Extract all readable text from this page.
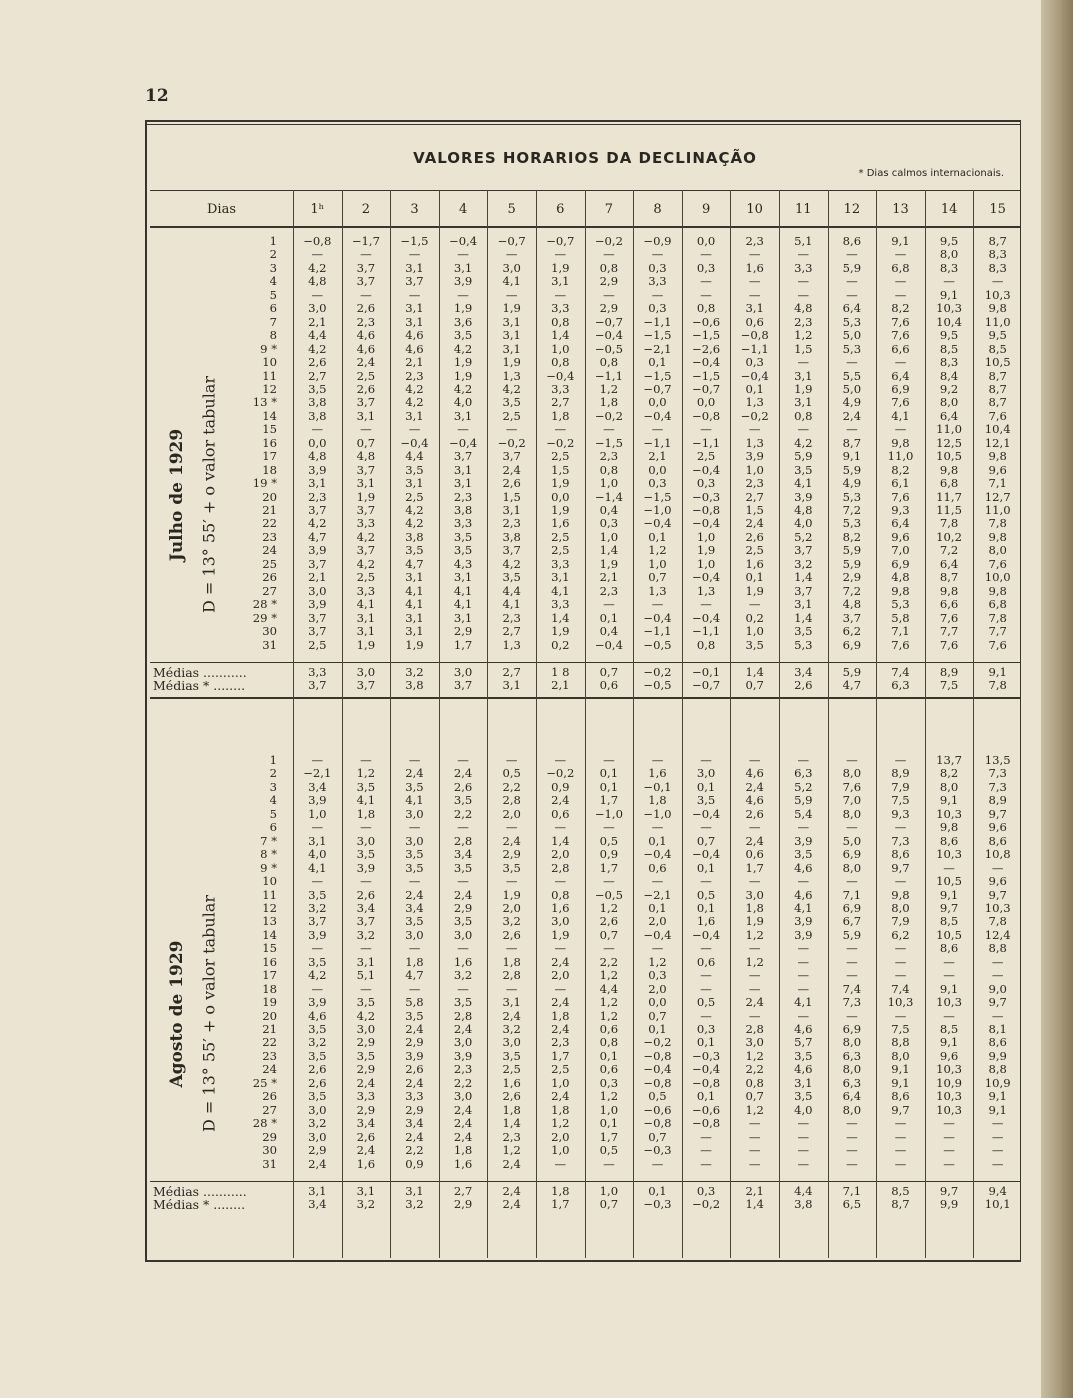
12
VALORES HORARIOS DA DECLINAÇÃO
* Dias calmos internacionais.
Dias	1ʰ	2	3	4	5	6	7	8	9	10	11	12	13	14	15
Julho de 1929 D = 13° 55′ + o valor tabular
1	−0,8	−1,7	−1,5	−0,4	−0,7	−0,7	−0,2	−0,9	0,0	2,3	5,1	8,6	9,1	9,5	8,7
2	—	—	—	—	—	—	—	—	—	—	—	—	—	8,0	8,3
3	4,2	3,7	3,1	3,1	3,0	1,9	0,8	0,3	0,3	1,6	3,3	5,9	6,8	8,3	8,3
4	4,8	3,7	3,7	3,9	4,1	3,1	2,9	3,3	—	—	—	—	—	—	—
5	—	—	—	—	—	—	—	—	—	—	—	—	—	9,1	10,3
6	3,0	2,6	3,1	1,9	1,9	3,3	2,9	0,3	0,8	3,1	4,8	6,4	8,2	10,3	9,8
7	2,1	2,3	3,1	3,6	3,1	0,8	−0,7	−1,1	−0,6	0,6	2,3	5,3	7,6	10,4	11,0
8	4,4	4,6	4,6	3,5	3,1	1,4	−0,4	−1,5	−1,5	−0,8	1,2	5,0	7,6	9,5	9,5
9 *	4,2	4,6	4,6	4,2	3,1	1,0	−0,5	−2,1	−2,6	−1,1	1,5	5,3	6,6	8,5	8,5
10	2,6	2,4	2,1	1,9	1,9	0,8	0,8	0,1	−0,4	0,3	—	—	—	8,3	10,5
11	2,7	2,5	2,3	1,9	1,3	−0,4	−1,1	−1,5	−1,5	−0,4	3,1	5,5	6,4	8,4	8,7
12	3,5	2,6	4,2	4,2	4,2	3,3	1,2	−0,7	−0,7	0,1	1,9	5,0	6,9	9,2	8,7
13 *	3,8	3,7	4,2	4,0	3,5	2,7	1,8	0,0	0,0	1,3	3,1	4,9	7,6	8,0	8,7
14	3,8	3,1	3,1	3,1	2,5	1,8	−0,2	−0,4	−0,8	−0,2	0,8	2,4	4,1	6,4	7,6
15	—	—	—	—	—	—	—	—	—	—	—	—	—	11,0	10,4
16	0,0	0,7	−0,4	−0,4	−0,2	−0,2	−1,5	−1,1	−1,1	1,3	4,2	8,7	9,8	12,5	12,1
17	4,8	4,8	4,4	3,7	3,7	2,5	2,3	2,1	2,5	3,9	5,9	9,1	11,0	10,5	9,8
18	3,9	3,7	3,5	3,1	2,4	1,5	0,8	0,0	−0,4	1,0	3,5	5,9	8,2	9,8	9,6
19 *	3,1	3,1	3,1	3,1	2,6	1,9	1,0	0,3	0,3	2,3	4,1	4,9	6,1	6,8	7,1
20	2,3	1,9	2,5	2,3	1,5	0,0	−1,4	−1,5	−0,3	2,7	3,9	5,3	7,6	11,7	12,7
21	3,7	3,7	4,2	3,8	3,1	1,9	0,4	−1,0	−0,8	1,5	4,8	7,2	9,3	11,5	11,0
22	4,2	3,3	4,2	3,3	2,3	1,6	0,3	−0,4	−0,4	2,4	4,0	5,3	6,4	7,8	7,8
23	4,7	4,2	3,8	3,5	3,8	2,5	1,0	0,1	1,0	2,6	5,2	8,2	9,6	10,2	9,8
24	3,9	3,7	3,5	3,5	3,7	2,5	1,4	1,2	1,9	2,5	3,7	5,9	7,0	7,2	8,0
25	3,7	4,2	4,7	4,3	4,2	3,3	1,9	1,0	1,0	1,6	3,2	5,9	6,9	6,4	7,6
26	2,1	2,5	3,1	3,1	3,5	3,1	2,1	0,7	−0,4	0,1	1,4	2,9	4,8	8,7	10,0
27	3,0	3,3	4,1	4,1	4,4	4,1	2,3	1,3	1,3	1,9	3,7	7,2	9,8	9,8	9,8
28 *	3,9	4,1	4,1	4,1	4,1	3,3	—	—	—	—	3,1	4,8	5,3	6,6	6,8
29 *	3,7	3,1	3,1	3,1	2,3	1,4	0,1	−0,4	−0,4	0,2	1,4	3,7	5,8	7,6	7,8
30	3,7	3,1	3,1	2,9	2,7	1,9	0,4	−1,1	−1,1	1,0	3,5	6,2	7,1	7,7	7,7
31	2,5	1,9	1,9	1,7	1,3	0,2	−0,4	−0,5	0,8	3,5	5,3	6,9	7,6	7,6	7,6
Médias ...........	3,3	3,0	3,2	3,0	2,7	1 8	0,7	−0,2	−0,1	1,4	3,4	5,9	7,4	8,9	9,1
Médias * ........	3,7	3,7	3,8	3,7	3,1	2,1	0,6	−0,5	−0,7	0,7	2,6	4,7	6,3	7,5	7,8
Agosto de 1929 D = 13° 55′ + o valor tabular
1	—	—	—	—	—	—	—	—	—	—	—	—	—	13,7	13,5
2	−2,1	1,2	2,4	2,4	0,5	−0,2	0,1	1,6	3,0	4,6	6,3	8,0	8,9	8,2	7,3
3	3,4	3,5	3,5	2,6	2,2	0,9	0,1	−0,1	0,1	2,4	5,2	7,6	7,9	8,0	7,3
4	3,9	4,1	4,1	3,5	2,8	2,4	1,7	1,8	3,5	4,6	5,9	7,0	7,5	9,1	8,9
5	1,0	1,8	3,0	2,2	2,0	0,6	−1,0	−1,0	−0,4	2,6	5,4	8,0	9,3	10,3	9,7
6	—	—	—	—	—	—	—	—	—	—	—	—	—	9,8	9,6
7 *	3,1	3,0	3,0	2,8	2,4	1,4	0,5	0,1	0,7	2,4	3,9	5,0	7,3	8,6	8,6
8 *	4,0	3,5	3,5	3,4	2,9	2,0	0,9	−0,4	−0,4	0,6	3,5	6,9	8,6	10,3	10,8
9 *	4,1	3,9	3,5	3,5	3,5	2,8	1,7	0,6	0,1	1,7	4,6	8,0	9,7	—	—
10	—	—	—	—	—	—	—	—	—	—	—	—	—	10,5	9,6
11	3,5	2,6	2,4	2,4	1,9	0,8	−0,5	−2,1	0,5	3,0	4,6	7,1	9,8	9,1	9,7
12	3,2	3,4	3,4	2,9	2,0	1,6	1,2	0,1	0,1	1,8	4,1	6,9	8,0	9,7	10,3
13	3,7	3,7	3,5	3,5	3,2	3,0	2,6	2,0	1,6	1,9	3,9	6,7	7,9	8,5	7,8
14	3,9	3,2	3,0	3,0	2,6	1,9	0,7	−0,4	−0,4	1,2	3,9	5,9	6,2	10,5	12,4
15	—	—	—	—	—	—	—	—	—	—	—	—	—	8,6	8,8
16	3,5	3,1	1,8	1,6	1,8	2,4	2,2	1,2	0,6	1,2	—	—	—	—	—
17	4,2	5,1	4,7	3,2	2,8	2,0	1,2	0,3	—	—	—	—	—	—	—
18	—	—	—	—	—	—	4,4	2,0	—	—	—	7,4	7,4	9,1	9,0
19	3,9	3,5	5,8	3,5	3,1	2,4	1,2	0,0	0,5	2,4	4,1	7,3	10,3	10,3	9,7
20	4,6	4,2	3,5	2,8	2,4	1,8	1,2	0,7	—	—	—	—	—	—	—
21	3,5	3,0	2,4	2,4	3,2	2,4	0,6	0,1	0,3	2,8	4,6	6,9	7,5	8,5	8,1
22	3,2	2,9	2,9	3,0	3,0	2,3	0,8	−0,2	0,1	3,0	5,7	8,0	8,8	9,1	8,6
23	3,5	3,5	3,9	3,9	3,5	1,7	0,1	−0,8	−0,3	1,2	3,5	6,3	8,0	9,6	9,9
24	2,6	2,9	2,6	2,3	2,5	2,5	0,6	−0,4	−0,4	2,2	4,6	8,0	9,1	10,3	8,8
25 *	2,6	2,4	2,4	2,2	1,6	1,0	0,3	−0,8	−0,8	0,8	3,1	6,3	9,1	10,9	10,9
26	3,5	3,3	3,3	3,0	2,6	2,4	1,2	0,5	0,1	0,7	3,5	6,4	8,6	10,3	9,1
27	3,0	2,9	2,9	2,4	1,8	1,8	1,0	−0,6	−0,6	1,2	4,0	8,0	9,7	10,3	9,1
28 *	3,2	3,4	3,4	2,4	1,4	1,2	0,1	−0,8	−0,8	—	—	—	—	—	—
29	3,0	2,6	2,4	2,4	2,3	2,0	1,7	0,7	—	—	—	—	—	—	—
30	2,9	2,4	2,2	1,8	1,2	1,0	0,5	−0,3	—	—	—	—	—	—	—
31	2,4	1,6	0,9	1,6	2,4	—	—	—	—	—	—	—	—	—	—
Médias ...........	3,1	3,1	3,1	2,7	2,4	1,8	1,0	0,1	0,3	2,1	4,4	7,1	8,5	9,7	9,4
Médias * ........	3,4	3,2	3,2	2,9	2,4	1,7	0,7	−0,3	−0,2	1,4	3,8	6,5	8,7	9,9	10,1
